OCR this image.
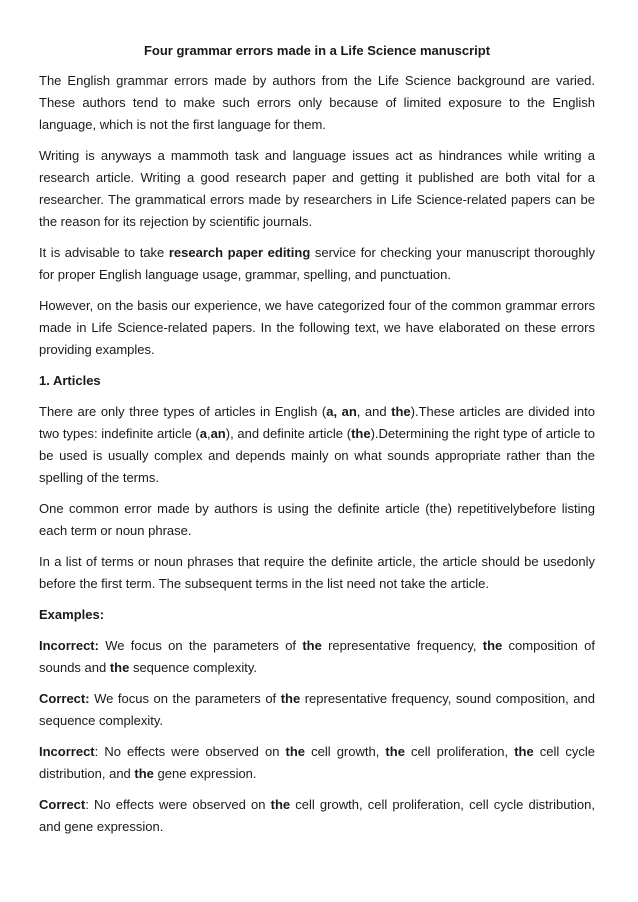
Four grammar errors made in a Life Science manuscript

The English grammar errors made by authors from the Life Science background are varied. These authors tend to make such errors only because of limited exposure to the English language, which is not the first language for them.

Writing is anyways a mammoth task and language issues act as hindrances while writing a research article. Writing a good research paper and getting it published are both vital for a researcher. The grammatical errors made by researchers in Life Science-related papers can be the reason for its rejection by scientific journals.

It is advisable to take research paper editing service for checking your manuscript thoroughly for proper English language usage, grammar, spelling, and punctuation.

However, on the basis our experience, we have categorized four of the common grammar errors made in Life Science-related papers. In the following text, we have elaborated on these errors providing examples.

1. Articles

There are only three types of articles in English (a, an, and the).These articles are divided into two types: indefinite article (a,an), and definite article (the).Determining the right type of article to be used is usually complex and depends mainly on what sounds appropriate rather than the spelling of the terms.

One common error made by authors is using the definite article (the) repetitivelybefore listing each term or noun phrase.

In a list of terms or noun phrases that require the definite article, the article should be usedonly before the first term. The subsequent terms in the list need not take the article.

Examples:

Incorrect: We focus on the parameters of the representative frequency, the composition of sounds and the sequence complexity.

Correct: We focus on the parameters of the representative frequency, sound composition, and sequence complexity.

Incorrect: No effects were observed on the cell growth, the cell proliferation, the cell cycle distribution, and the gene expression.

Correct: No effects were observed on the cell growth, cell proliferation, cell cycle distribution, and gene expression.
